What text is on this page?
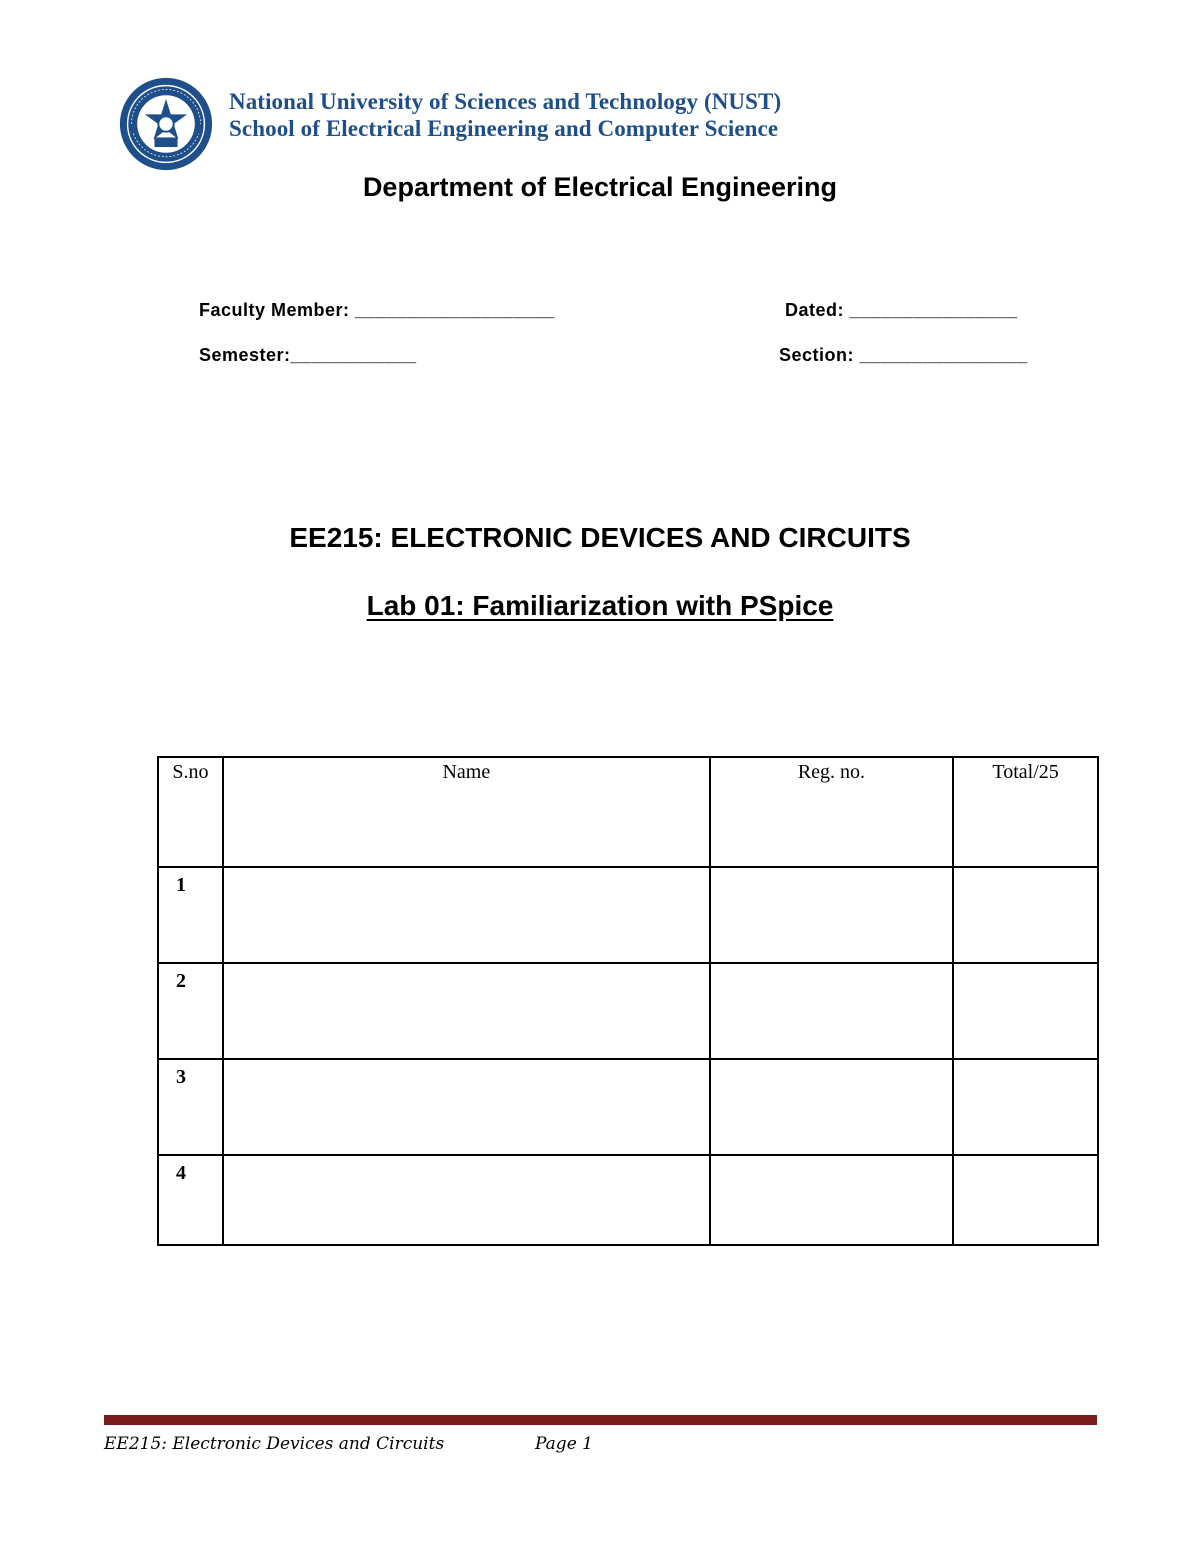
National University of Sciences and Technology (NUST)
School of Electrical Engineering and Computer Science
Department of Electrical Engineering
Faculty Member: ___________________	Dated: ________________
Semester:____________	Section: ________________
EE215: ELECTRONIC DEVICES AND CIRCUITS
Lab 01: Familiarization with PSpice
S.no	Name	Reg. no.	Total/25
1			
2			
3			
4			
EE215: Electronic Devices and Circuits	Page 1
